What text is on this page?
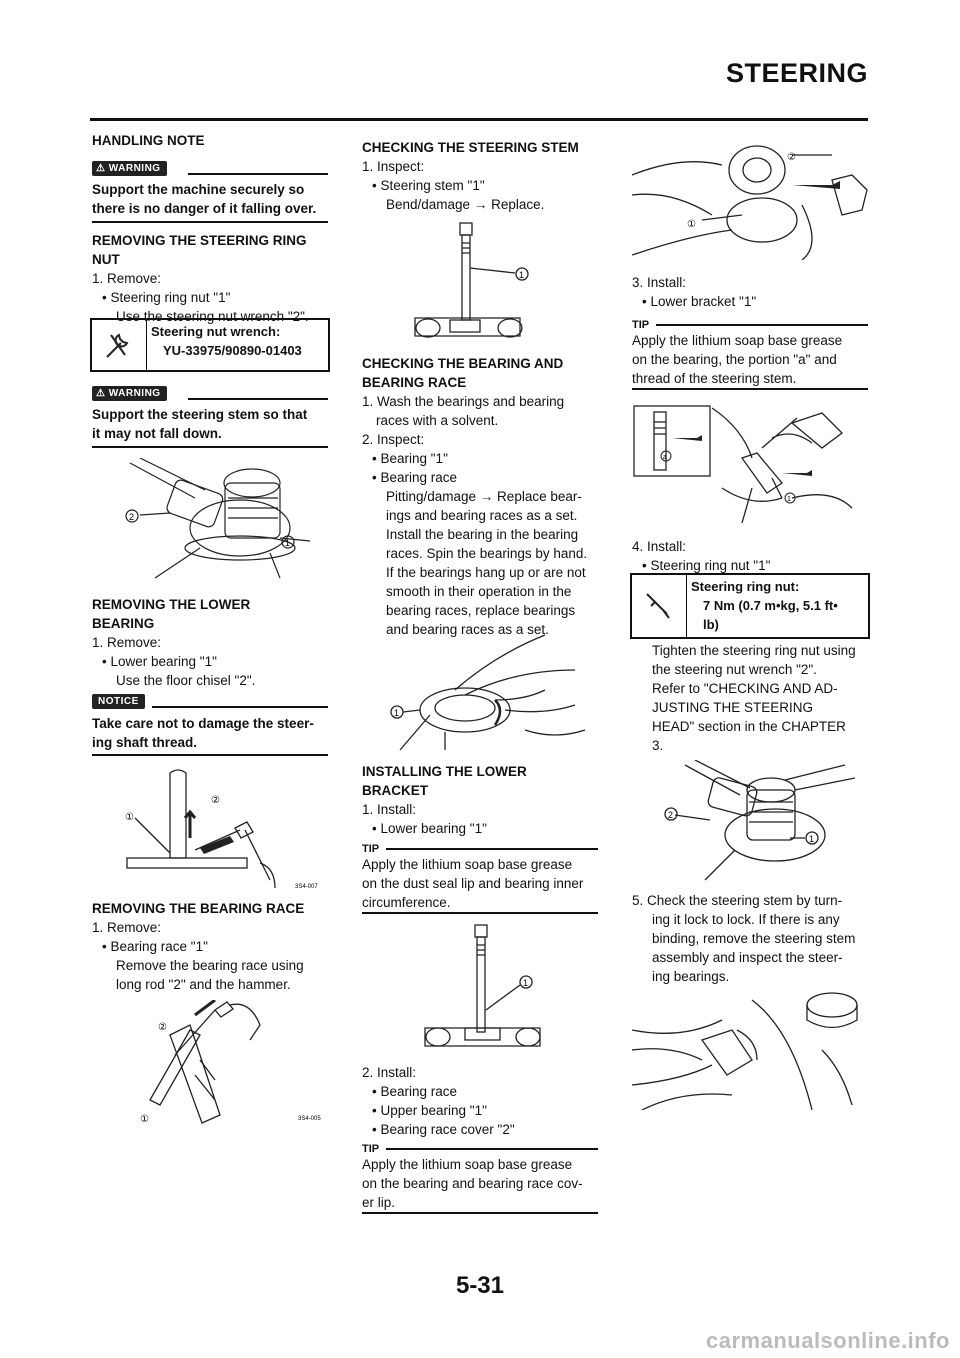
STEERING
HANDLING NOTE
⚠ WARNING
Support the machine securely so
there is no danger of it falling over.
REMOVING THE STEERING RING
NUT
1. Remove:
• Steering ring nut "1"
Use the steering nut wrench "2".
Steering nut wrench:
YU-33975/90890-01403
⚠ WARNING
Support the steering stem so that
it may not fall down.
2
1
REMOVING THE LOWER
BEARING
1. Remove:
• Lower bearing "1"
Use the floor chisel "2".
NOTICE
Take care not to damage the steer-
ing shaft thread.
①
②
3S4-007
REMOVING THE BEARING RACE
1. Remove:
• Bearing race "1"
Remove the bearing race using
long rod "2" and the hammer.
②
①	3S4-005
CHECKING THE STEERING STEM
1. Inspect:
• Steering stem "1"
Bend/damage → Replace.
1
CHECKING THE BEARING AND
BEARING RACE
1. Wash the bearings and bearing
races with a solvent.
2. Inspect:
• Bearing "1"
• Bearing race
Pitting/damage → Replace bear-
ings and bearing races as a set.
Install the bearing in the bearing
races. Spin the bearings by hand.
If the bearings hang up or are not
smooth in their operation in the
bearing races, replace bearings
and bearing races as a set.
1
INSTALLING THE LOWER
BRACKET
1. Install:
• Lower bearing "1"
TIP
Apply the lithium soap base grease
on the dust seal lip and bearing inner
circumference.
1
2. Install:
• Bearing race
• Upper bearing "1"
• Bearing race cover "2"
TIP
Apply the lithium soap base grease
on the bearing and bearing race cov-
er lip.
②
①
3. Install:
• Lower bracket "1"
TIP
Apply the lithium soap base grease
on the bearing, the portion "a" and
thread of the steering stem.
a
1
4. Install:
• Steering ring nut "1"
Steering ring nut:
7 Nm (0.7 m•kg, 5.1 ft•
lb)
Tighten the steering ring nut using
the steering nut wrench "2".
Refer to "CHECKING AND AD-
JUSTING THE STEERING
HEAD" section in the CHAPTER
3.
2
1
5. Check the steering stem by turn-
ing it lock to lock. If there is any
binding, remove the steering stem
assembly and inspect the steer-
ing bearings.
5-31
carmanualsonline.info
